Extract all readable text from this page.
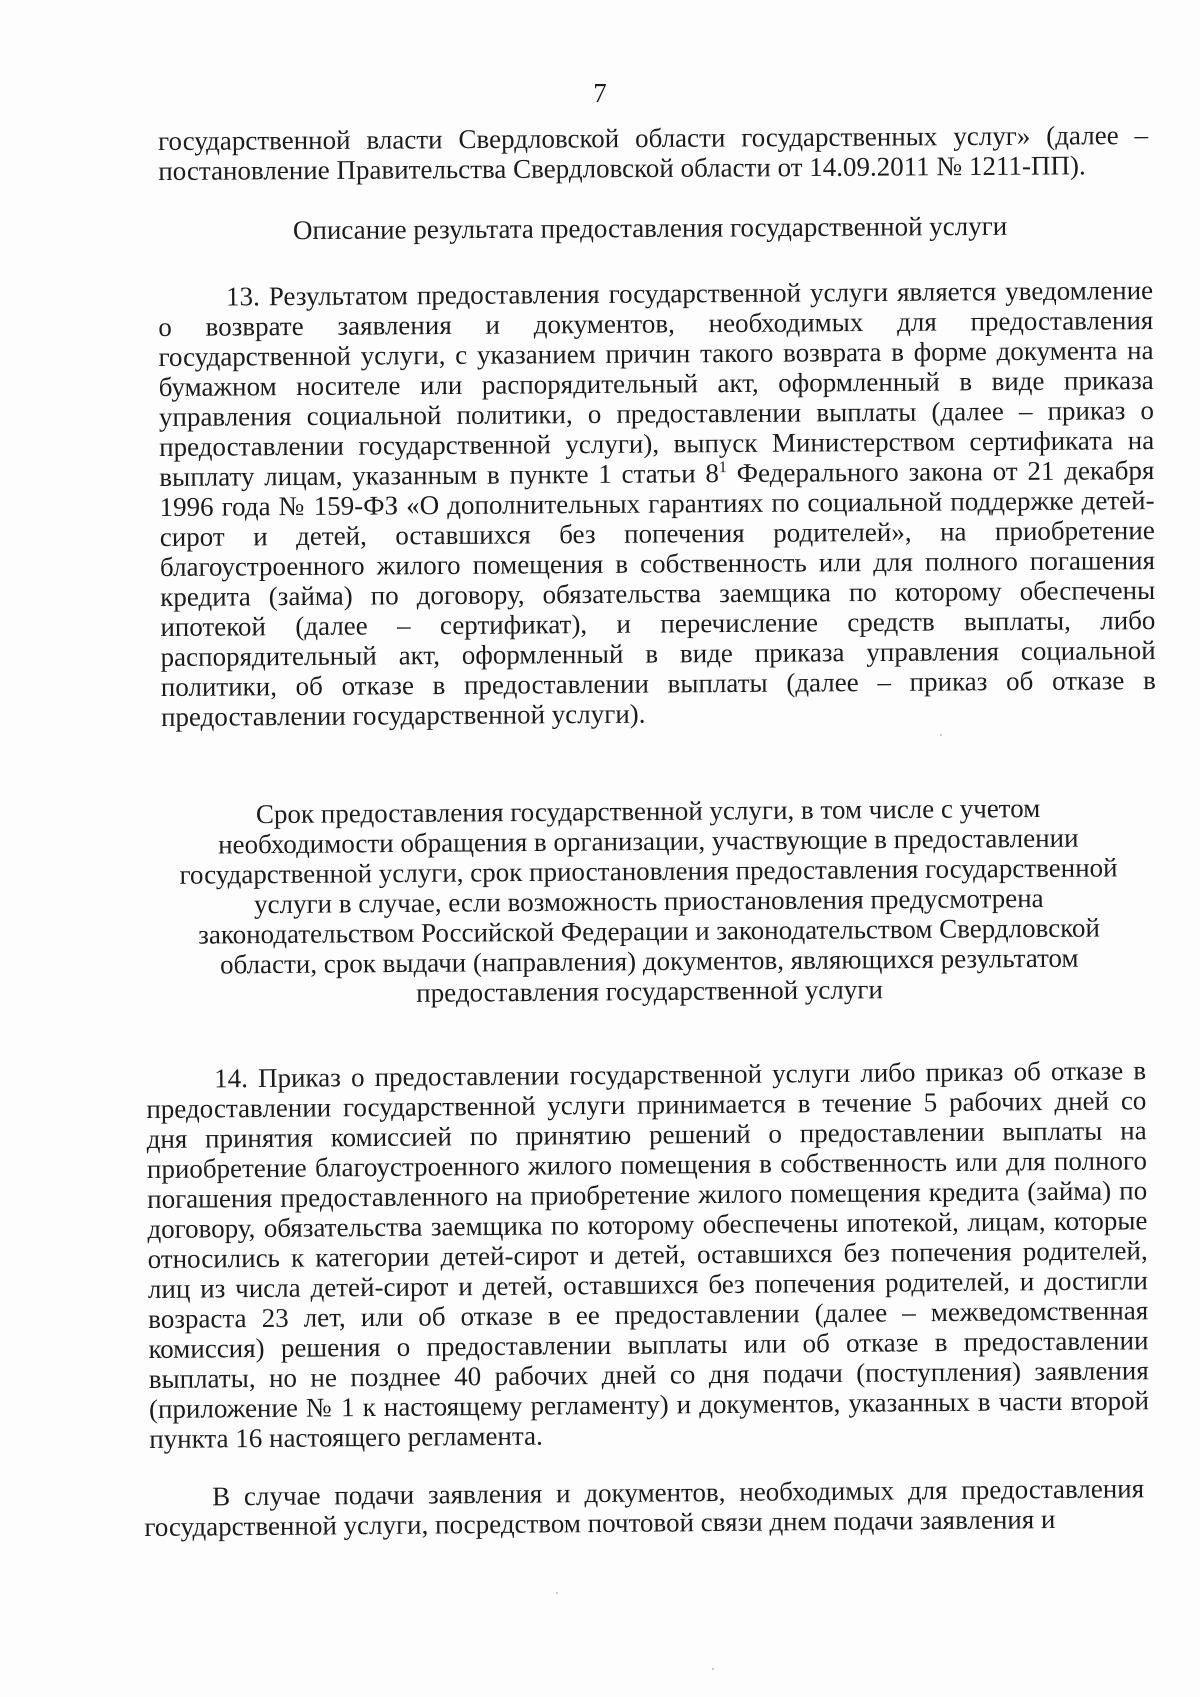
7

государственной власти Свердловской области государственных услуг» (далее – постановление Правительства Свердловской области от 14.09.2011 № 1211-ПП).

Описание результата предоставления государственной услуги

13. Результатом предоставления государственной услуги является уведомление о возврате заявления и документов, необходимых для предоставления государственной услуги, с указанием причин такого возврата в форме документа на бумажном носителе или распорядительный акт, оформленный в виде приказа управления социальной политики, о предоставлении выплаты (далее – приказ о предоставлении государственной услуги), выпуск Министерством сертификата на выплату лицам, указанным в пункте 1 статьи $8^1$ Федерального закона от 21 декабря 1996 года № 159-ФЗ «О дополнительных гарантиях по социальной поддержке детей-сирот и детей, оставшихся без попечения родителей», на приобретение благоустроенного жилого помещения в собственность или для полного погашения кредита (займа) по договору, обязательства заемщика по которому обеспечены ипотекой (далее – сертификат), и перечисление средств выплаты, либо распорядительный акт, оформленный в виде приказа управления социальной политики, об отказе в предоставлении выплаты (далее – приказ об отказе в предоставлении государственной услуги).

Срок предоставления государственной услуги, в том числе с учетом

необходимости обращения в организации, участвующие в предоставлении

государственной услуги, срок приостановления предоставления государственной

услуги в случае, если возможность приостановления предусмотрена

законодательством Российской Федерации и законодательством Свердловской

области, срок выдачи (направления) документов, являющихся результатом

предоставления государственной услуги

14. Приказ о предоставлении государственной услуги либо приказ об отказе в предоставлении государственной услуги принимается в течение 5 рабочих дней со дня принятия комиссией по принятию решений о предоставлении выплаты на приобретение благоустроенного жилого помещения в собственность или для полного погашения предоставленного на приобретение жилого помещения кредита (займа) по договору, обязательства заемщика по которому обеспечены ипотекой, лицам, которые относились к категории детей-сирот и детей, оставшихся без попечения родителей, лиц из числа детей-сирот и детей, оставшихся без попечения родителей, и достигли возраста 23 лет, или об отказе в ее предоставлении (далее – межведомственная комиссия) решения о предоставлении выплаты или об отказе в предоставлении выплаты, но не позднее 40 рабочих дней со дня подачи (поступления) заявления (приложение № 1 к настоящему регламенту) и документов, указанных в части второй пункта 16 настоящего регламента.

В случае подачи заявления и документов, необходимых для предоставления государственной услуги, посредством почтовой связи днем подачи заявления и
